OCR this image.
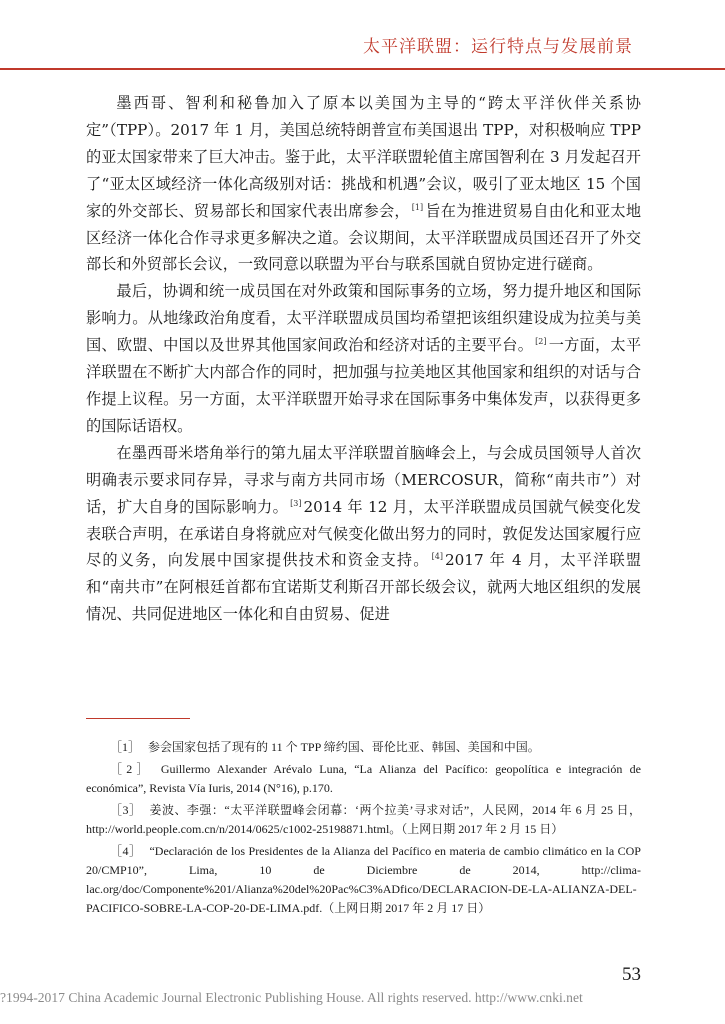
太平洋联盟：运行特点与发展前景

墨西哥、智利和秘鲁加入了原本以美国为主导的“跨太平洋伙伴关系协定”（TPP）。2017 年 1 月，美国总统特朗普宣布美国退出 TPP，对积极响应 TPP 的亚太国家带来了巨大冲击。鉴于此，太平洋联盟轮值主席国智利在 3 月发起召开了“亚太区域经济一体化高级别对话：挑战和机遇”会议，吸引了亚太地区 15 个国家的外交部长、贸易部长和国家代表出席参会， [1] 旨在为推进贸易自由化和亚太地区经济一体化合作寻求更多解决之道。会议期间，太平洋联盟成员国还召开了外交部长和外贸部长会议，一致同意以联盟为平台与联系国就自贸协定进行磋商。

最后，协调和统一成员国在对外政策和国际事务的立场，努力提升地区和国际影响力。从地缘政治角度看，太平洋联盟成员国均希望把该组织建设成为拉美与美国、欧盟、中国以及世界其他国家间政治和经济对话的主要平台。 [2] 一方面，太平洋联盟在不断扩大内部合作的同时，把加强与拉美地区其他国家和组织的对话与合作提上议程。另一方面，太平洋联盟开始寻求在国际事务中集体发声，以获得更多的国际话语权。

在墨西哥米塔角举行的第九届太平洋联盟首脑峰会上，与会成员国领导人首次明确表示要求同存异，寻求与南方共同市场（MERCOSUR，简称“南共市”）对话，扩大自身的国际影响力。 [3] 2014 年 12 月，太平洋联盟成员国就气候变化发表联合声明，在承诺自身将就应对气候变化做出努力的同时，敦促发达国家履行应尽的义务，向发展中国家提供技术和资金支持。 [4] 2017 年 4 月，太平洋联盟和“南共市”在阿根廷首都布宜诺斯艾利斯召开部长级会议，就两大地区组织的发展情况、共同促进地区一体化和自由贸易、促进

［1］ 参会国家包括了现有的 11 个 TPP 缔约国、哥伦比亚、韩国、美国和中国。

［2］ Guillermo Alexander Arévalo Luna, “La Alianza del Pacífico: geopolítica e integración de económica”, Revista Vía Iuris, 2014 (N°16), p.170.

［3］ 姜波、李强：“太平洋联盟峰会闭幕：‘两个拉美’寻求对话”，人民网，2014 年 6 月 25 日， http://world.people.com.cn/n/2014/0625/c1002-25198871.html。（上网日期 2017 年 2 月 15 日）

［4］ “Declaración de los Presidentes de la Alianza del Pacífico en materia de cambio climático en la COP 20/CMP10”, Lima, 10 de Diciembre de 2014, http://clima-lac.org/doc/Componente%201/Alianza%20del%20Pac%C3%ADfico/DECLARACION-DE-LA-ALIANZA-DEL-PACIFICO-SOBRE-LA-COP-20-DE-LIMA.pdf.（上网日期 2017 年 2 月 17 日）

53
?1994-2017 China Academic Journal Electronic Publishing House. All rights reserved. http://www.cnki.net
